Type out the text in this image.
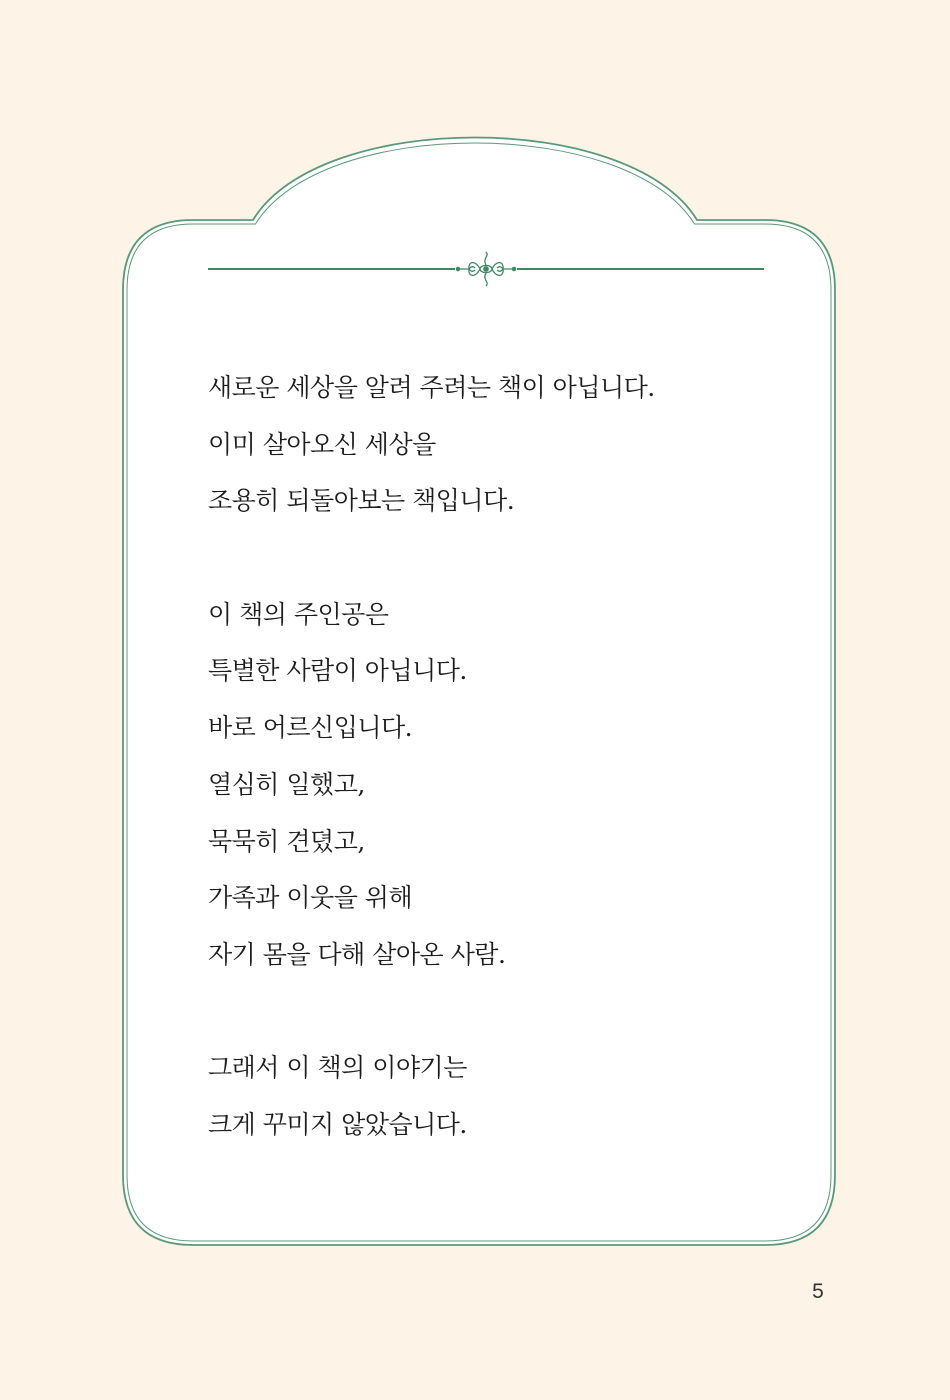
새로운 세상을 알려 주려는 책이 아닙니다.
이미 살아오신 세상을
조용히 되돌아보는 책입니다.
이 책의 주인공은
특별한 사람이 아닙니다.
바로 어르신입니다.
열심히 일했고,
묵묵히 견뎠고,
가족과 이웃을 위해
자기 몸을 다해 살아온 사람.
그래서 이 책의 이야기는
크게 꾸미지 않았습니다.
5
